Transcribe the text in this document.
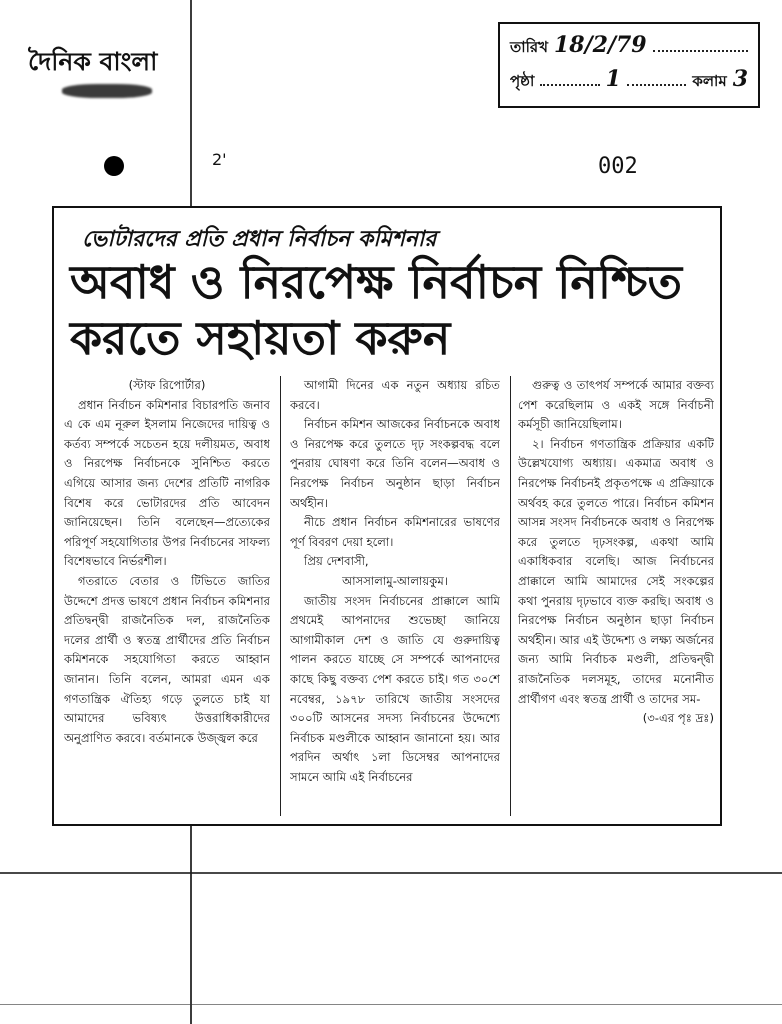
দৈনিক বাংলা	তারিখ 18/2/79
পৃষ্ঠা	1	কলাম 3
2'	002
ভোটারদের প্রতি প্রধান নির্বাচন কমিশনার
অবাধ ও নিরপেক্ষ নির্বাচন নিশ্চিত করতে সহায়তা করুন

(স্টাফ রিপোর্টার)

প্রধান নির্বাচন কমিশনার বিচারপতি জনাব এ কে এম নূরুল ইসলাম নিজেদের দায়িত্ব ও কর্তব্য সম্পর্কে সচেতন হয়ে দলীয়মত, অবাধ ও নিরপেক্ষ নির্বাচনকে সুনিশ্চিত করতে এগিয়ে আসার জন্য দেশের প্রতিটি নাগরিক বিশেষ করে ভোটারদের প্রতি আবেদন জানিয়েছেন। তিনি বলেছেন—প্রত্যেকের পরিপূর্ণ সহযোগিতার উপর নির্বাচনের সাফল্য বিশেষভাবে নির্ভরশীল।

গতরাতে বেতার ও টিভিতে জাতির উদ্দেশে প্রদত্ত ভাষণে প্রধান নির্বাচন কমিশনার প্রতিদ্বন্দ্বী রাজনৈতিক দল, রাজনৈতিক দলের প্রার্থী ও স্বতন্ত্র প্রার্থীদের প্রতি নির্বাচন কমিশনকে সহযোগিতা করতে আহ্বান জানান। তিনি বলেন, আমরা এমন এক গণতান্ত্রিক ঐতিহ্য গড়ে তুলতে চাই যা আমাদের ভবিষ্যৎ উত্তরাধিকারীদের অনুপ্রাণিত করবে। বর্তমানকে উজ্জ্বল করে

আগামী দিনের এক নতুন অধ্যায় রচিত করবে।

নির্বাচন কমিশন আজকের নির্বাচনকে অবাধ ও নিরপেক্ষ করে তুলতে দৃঢ় সংকল্পবদ্ধ বলে পুনরায় ঘোষণা করে তিনি বলেন—অবাধ ও নিরপেক্ষ নির্বাচন অনুষ্ঠান ছাড়া নির্বাচন অর্থহীন।

নীচে প্রধান নির্বাচন কমিশনারের ভাষণের পূর্ণ বিবরণ দেয়া হলো।

প্রিয় দেশবাসী,

আসসালামু-আলায়কুম।

জাতীয় সংসদ নির্বাচনের প্রাক্কালে আমি প্রথমেই আপনাদের শুভেচ্ছা জানিয়ে আগামীকাল দেশ ও জাতি যে গুরুদায়িত্ব পালন করতে যাচ্ছে সে সম্পর্কে আপনাদের কাছে কিছু বক্তব্য পেশ করতে চাই। গত ৩০শে নবেম্বর, ১৯৭৮ তারিখে জাতীয় সংসদের ৩০০টি আসনের সদস্য নির্বাচনের উদ্দেশ্যে নির্বাচক মণ্ডলীকে আহ্বান জানানো হয়। আর পরদিন অর্থাৎ ১লা ডিসেম্বর আপনাদের সামনে আমি এই নির্বাচনের

গুরুত্ব ও তাৎপর্য সম্পর্কে আমার বক্তব্য পেশ করেছিলাম ও একই সঙ্গে নির্বাচনী কর্মসূচী জানিয়েছিলাম।

২। নির্বাচন গণতান্ত্রিক প্রক্রিয়ার একটি উল্লেখযোগ্য অধ্যায়। একমাত্র অবাধ ও নিরপেক্ষ নির্বাচনই প্রকৃতপক্ষে এ প্রক্রিয়াকে অর্থবহ করে তুলতে পারে। নির্বাচন কমিশন আসন্ন সংসদ নির্বাচনকে অবাধ ও নিরপেক্ষ করে তুলতে দৃঢ়সংকল্প, একথা আমি একাধিকবার বলেছি। আজ নির্বাচনের প্রাক্কালে আমি আমাদের সেই সংকল্পের কথা পুনরায় দৃঢ়ভাবে ব্যক্ত করছি। অবাধ ও নিরপেক্ষ নির্বাচন অনুষ্ঠান ছাড়া নির্বাচন অর্থহীন। আর এই উদ্দেশ্য ও লক্ষ্য অর্জনের জন্য আমি নির্বাচক মণ্ডলী, প্রতিদ্বন্দ্বী রাজনৈতিক দলসমূহ, তাদের মনোনীত প্রার্থীগণ এবং স্বতন্ত্র প্রার্থী ও তাদের সম-

(৩-এর পৃঃ দ্রঃ)
